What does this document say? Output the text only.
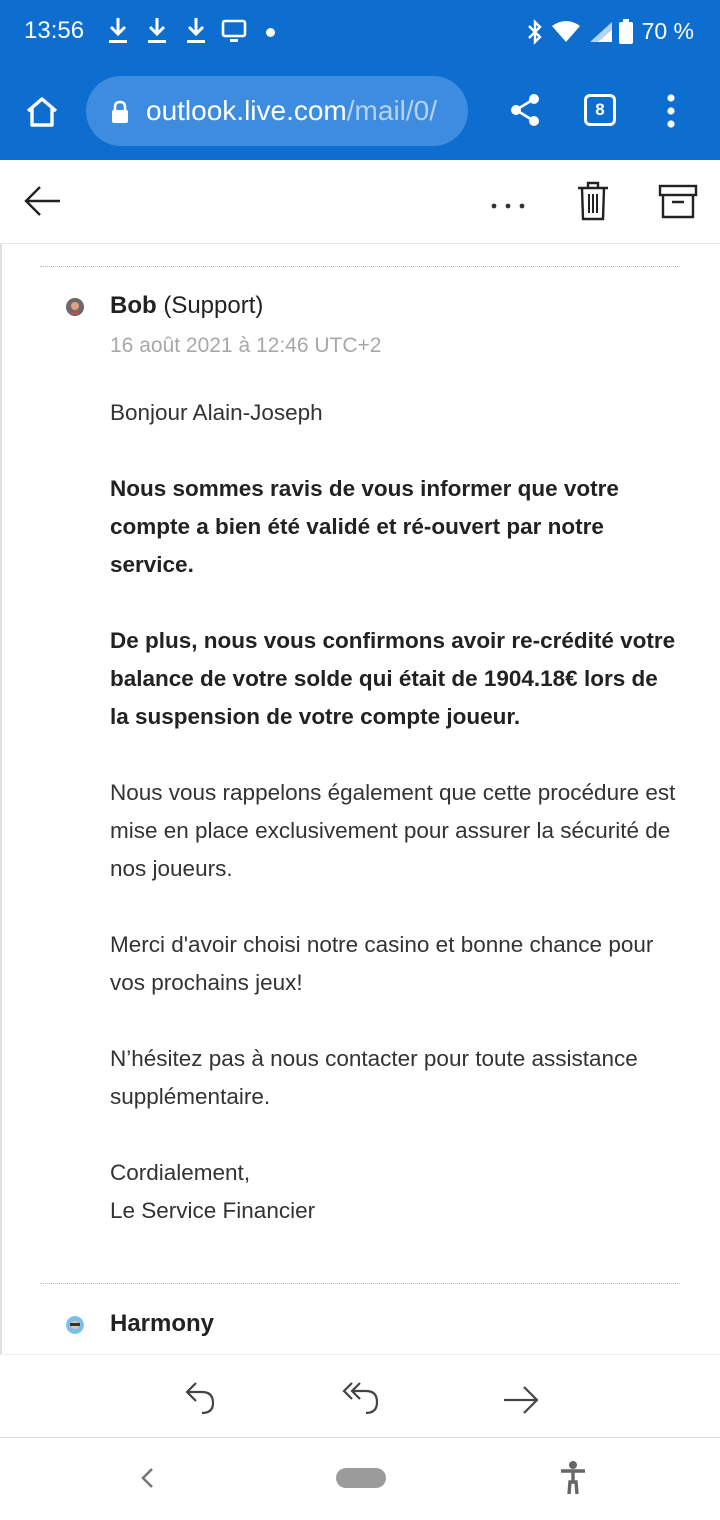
13:56	70 %
outlook.live.com/mail/0/	8
Bob (Support)
16 août 2021 à 12:46 UTC+2

Bonjour Alain-Joseph

Nous sommes ravis de vous informer que votre compte a bien été validé et ré-ouvert par notre service.

De plus, nous vous confirmons avoir re-crédité votre balance de votre solde qui était de 1904.18€ lors de la suspension de votre compte joueur.

Nous vous rappelons également que cette procédure est mise en place exclusivement pour assurer la sécurité de nos joueurs.

Merci d'avoir choisi notre casino et bonne chance pour vos prochains jeux!

N’hésitez pas à nous contacter pour toute assistance supplémentaire.

Cordialement,

Le Service Financier

Harmony
